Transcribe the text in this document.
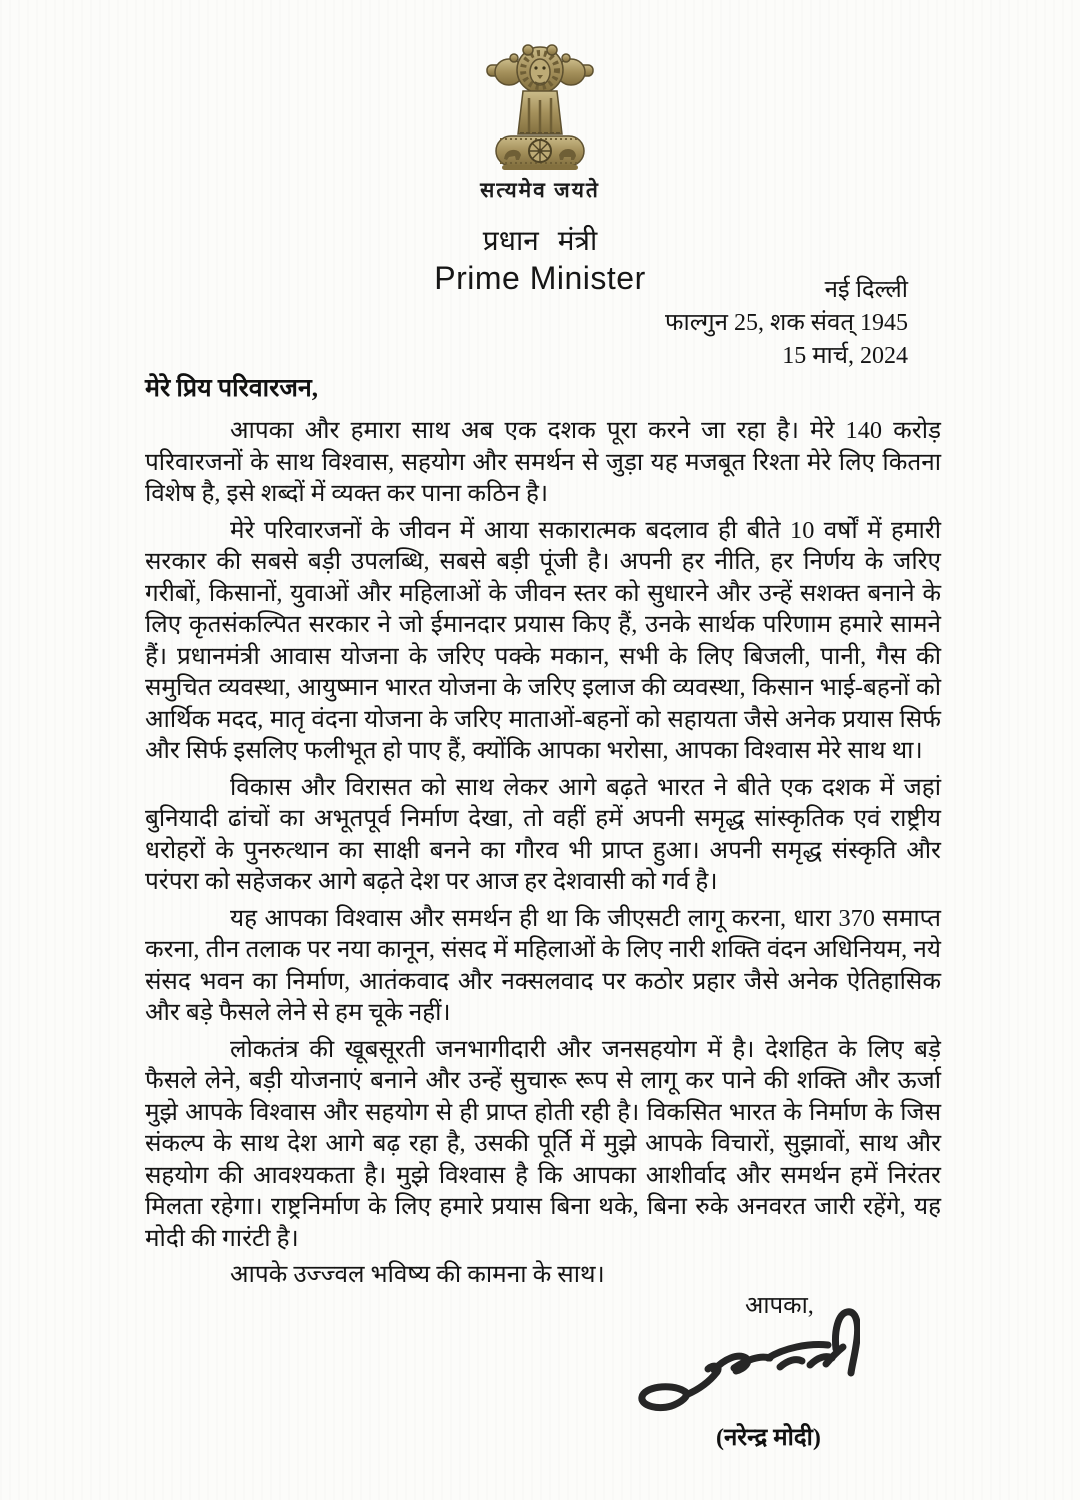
सत्यमेव जयते
प्रधान मंत्री
Prime Minister	नई दिल्ली
फाल्गुन 25, शक संवत् 1945
15 मार्च, 2024
मेरे प्रिय परिवारजन,

आपका और हमारा साथ अब एक दशक पूरा करने जा रहा है। मेरे 140 करोड़ परिवारजनों के साथ विश्वास, सहयोग और समर्थन से जुड़ा यह मजबूत रिश्ता मेरे लिए कितना विशेष है, इसे शब्दों में व्यक्त कर पाना कठिन है।

मेरे परिवारजनों के जीवन में आया सकारात्मक बदलाव ही बीते 10 वर्षों में हमारी सरकार की सबसे बड़ी उपलब्धि, सबसे बड़ी पूंजी है। अपनी हर नीति, हर निर्णय के जरिए गरीबों, किसानों, युवाओं और महिलाओं के जीवन स्तर को सुधारने और उन्हें सशक्त बनाने के लिए कृतसंकल्पित सरकार ने जो ईमानदार प्रयास किए हैं, उनके सार्थक परिणाम हमारे सामने हैं। प्रधानमंत्री आवास योजना के जरिए पक्के मकान, सभी के लिए बिजली, पानी, गैस की समुचित व्यवस्था, आयुष्मान भारत योजना के जरिए इलाज की व्यवस्था, किसान भाई-बहनों को आर्थिक मदद, मातृ वंदना योजना के जरिए माताओं-बहनों को सहायता जैसे अनेक प्रयास सिर्फ और सिर्फ इसलिए फलीभूत हो पाए हैं, क्योंकि आपका भरोसा, आपका विश्वास मेरे साथ था।

विकास और विरासत को साथ लेकर आगे बढ़ते भारत ने बीते एक दशक में जहां बुनियादी ढांचों का अभूतपूर्व निर्माण देखा, तो वहीं हमें अपनी समृद्ध सांस्कृतिक एवं राष्ट्रीय धरोहरों के पुनरुत्थान का साक्षी बनने का गौरव भी प्राप्त हुआ। अपनी समृद्ध संस्कृति और परंपरा को सहेजकर आगे बढ़ते देश पर आज हर देशवासी को गर्व है।

यह आपका विश्वास और समर्थन ही था कि जीएसटी लागू करना, धारा 370 समाप्त करना, तीन तलाक पर नया कानून, संसद में महिलाओं के लिए नारी शक्ति वंदन अधिनियम, नये संसद भवन का निर्माण, आतंकवाद और नक्सलवाद पर कठोर प्रहार जैसे अनेक ऐतिहासिक और बड़े फैसले लेने से हम चूके नहीं।

लोकतंत्र की खूबसूरती जनभागीदारी और जनसहयोग में है। देशहित के लिए बड़े फैसले लेने, बड़ी योजनाएं बनाने और उन्हें सुचारू रूप से लागू कर पाने की शक्ति और ऊर्जा मुझे आपके विश्वास और सहयोग से ही प्राप्त होती रही है। विकसित भारत के निर्माण के जिस संकल्प के साथ देश आगे बढ़ रहा है, उसकी पूर्ति में मुझे आपके विचारों, सुझावों, साथ और सहयोग की आवश्यकता है। मुझे विश्वास है कि आपका आशीर्वाद और समर्थन हमें निरंतर मिलता रहेगा। राष्ट्रनिर्माण के लिए हमारे प्रयास बिना थके, बिना रुके अनवरत जारी रहेंगे, यह मोदी की गारंटी है।

आपके उज्ज्वल भविष्य की कामना के साथ।

आपका,
(नरेन्द्र मोदी)
